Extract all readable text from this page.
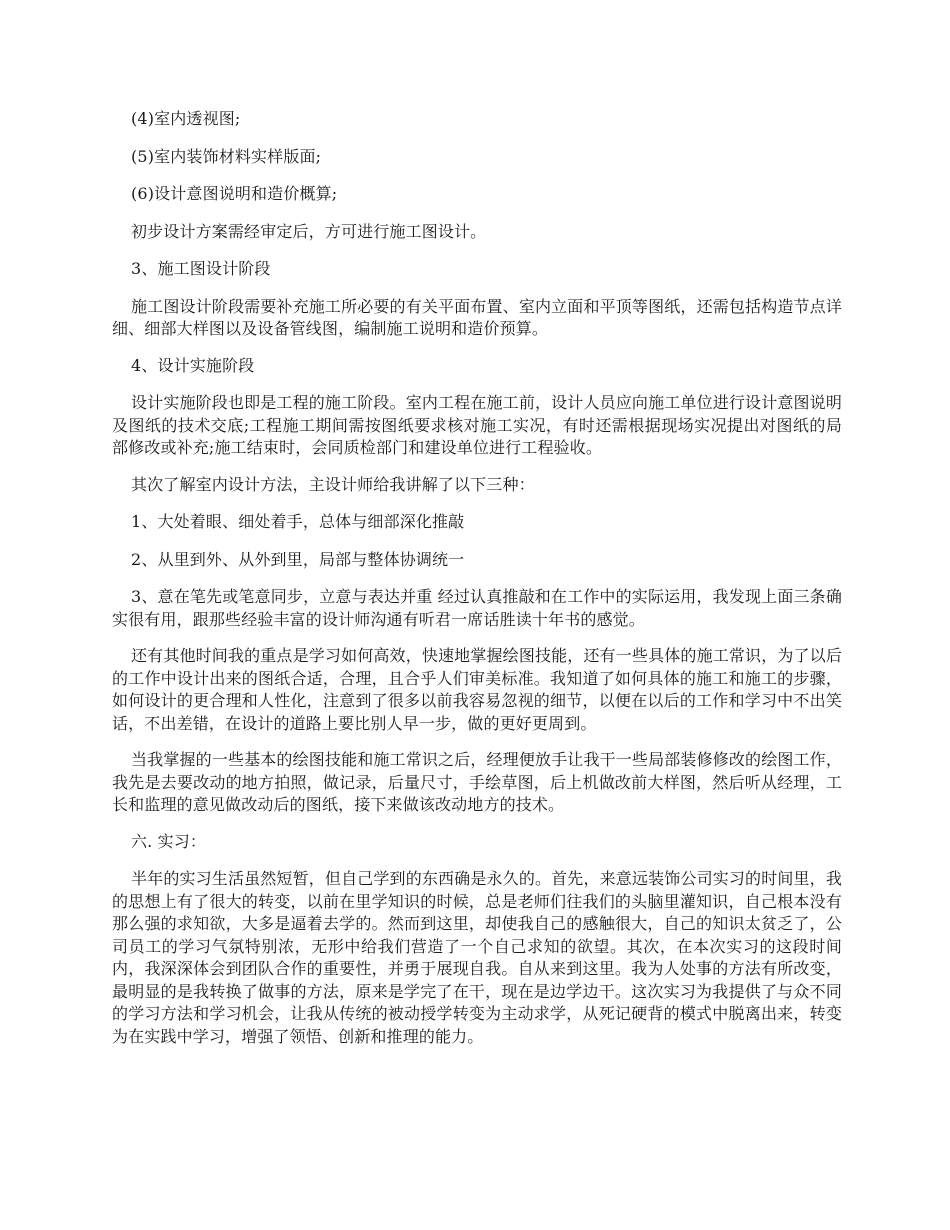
(4)室内透视图;

(5)室内装饰材料实样版面;

(6)设计意图说明和造价概算;

初步设计方案需经审定后，方可进行施工图设计。

3、施工图设计阶段

施工图设计阶段需要补充施工所必要的有关平面布置、室内立面和平顶等图纸，还需包括构造节点详细、细部大样图以及设备管线图，编制施工说明和造价预算。

4、设计实施阶段

设计实施阶段也即是工程的施工阶段。室内工程在施工前，设计人员应向施工单位进行设计意图说明及图纸的技术交底;工程施工期间需按图纸要求核对施工实况，有时还需根据现场实况提出对图纸的局部修改或补充;施工结束时，会同质检部门和建设单位进行工程验收。

其次了解室内设计方法，主设计师给我讲解了以下三种：

1、大处着眼、细处着手，总体与细部深化推敲

2、从里到外、从外到里，局部与整体协调统一

3、意在笔先或笔意同步，立意与表达并重 经过认真推敲和在工作中的实际运用，我发现上面三条确实很有用，跟那些经验丰富的设计师沟通有听君一席话胜读十年书的感觉。

还有其他时间我的重点是学习如何高效，快速地掌握绘图技能，还有一些具体的施工常识，为了以后的工作中设计出来的图纸合适，合理，且合乎人们审美标准。我知道了如何具体的施工和施工的步骤，如何设计的更合理和人性化，注意到了很多以前我容易忽视的细节，以便在以后的工作和学习中不出笑话，不出差错，在设计的道路上要比别人早一步，做的更好更周到。

当我掌握的一些基本的绘图技能和施工常识之后，经理便放手让我干一些局部装修修改的绘图工作，我先是去要改动的地方拍照，做记录，后量尺寸，手绘草图，后上机做改前大样图，然后听从经理，工长和监理的意见做改动后的图纸，接下来做该改动地方的技术。

六. 实习：

半年的实习生活虽然短暂，但自己学到的东西确是永久的。首先，来意远装饰公司实习的时间里，我的思想上有了很大的转变，以前在里学知识的时候，总是老师们往我们的头脑里灌知识，自己根本没有那么强的求知欲，大多是逼着去学的。然而到这里，却使我自己的感触很大，自己的知识太贫乏了，公司员工的学习气氛特别浓，无形中给我们营造了一个自己求知的欲望。其次，在本次实习的这段时间内，我深深体会到团队合作的重要性，并勇于展现自我。自从来到这里。我为人处事的方法有所改变，最明显的是我转换了做事的方法，原来是学完了在干，现在是边学边干。这次实习为我提供了与众不同的学习方法和学习机会，让我从传统的被动授学转变为主动求学，从死记硬背的模式中脱离出来，转变为在实践中学习，增强了领悟、创新和推理的能力。
